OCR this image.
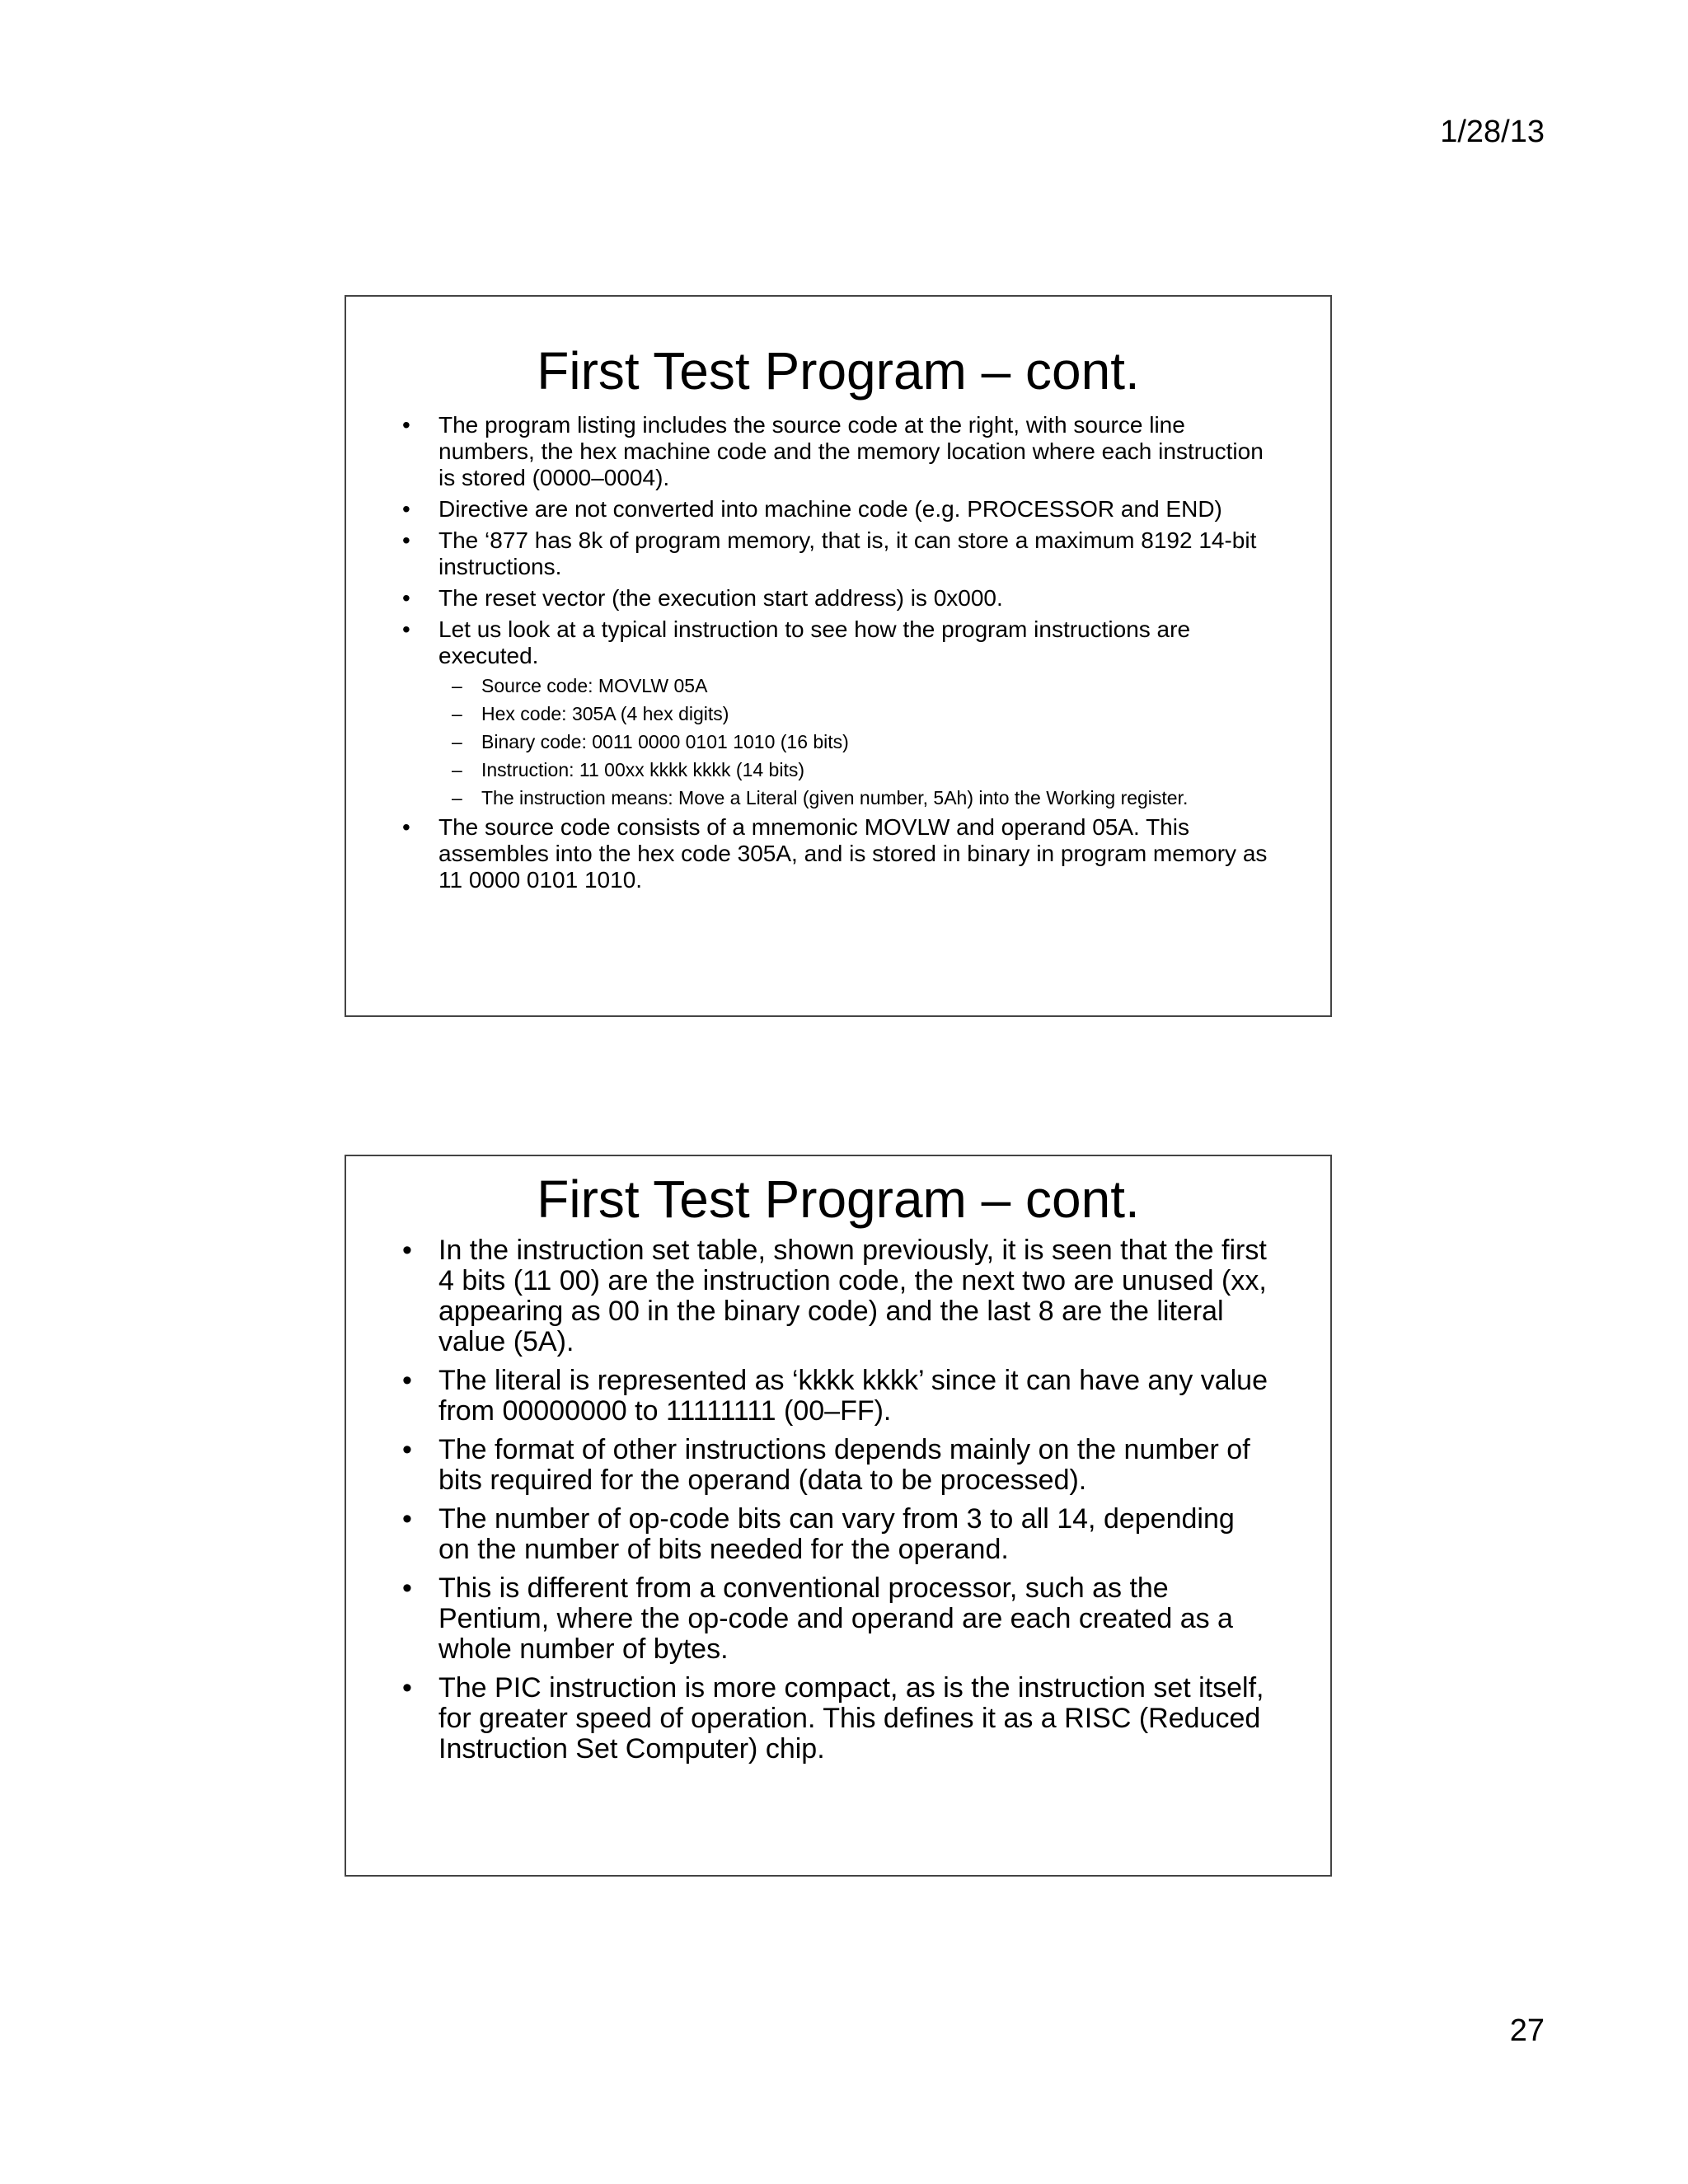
1/28/13
First Test Program – cont.
• The program listing includes the source code at the right, with source line numbers, the hex machine code and the memory location where each instruction is stored (0000–0004).
• Directive are not converted into machine code (e.g. PROCESSOR and END)
• The ‘877 has 8k of program memory, that is, it can store a maximum 8192 14-bit instructions.
• The reset vector (the execution start address) is 0x000.
• Let us look at a typical instruction to see how the program instructions are executed.
– Source code: MOVLW 05A
– Hex code: 305A (4 hex digits)
– Binary code: 0011 0000 0101 1010 (16 bits)
– Instruction: 11 00xx kkkk kkkk (14 bits)
– The instruction means: Move a Literal (given number, 5Ah) into the Working register.
• The source code consists of a mnemonic MOVLW and operand 05A. This assembles into the hex code 305A, and is stored in binary in program memory as 11 0000 0101 1010.
First Test Program – cont.
• In the instruction set table, shown previously, it is seen that the first 4 bits (11 00) are the instruction code, the next two are unused (xx, appearing as 00 in the binary code) and the last 8 are the literal value (5A).
• The literal is represented as ‘kkkk kkkk’ since it can have any value from 00000000 to 11111111 (00–FF).
• The format of other instructions depends mainly on the number of bits required for the operand (data to be processed).
• The number of op-code bits can vary from 3 to all 14, depending on the number of bits needed for the operand.
• This is different from a conventional processor, such as the Pentium, where the op-code and operand are each created as a whole number of bytes.
• The PIC instruction is more compact, as is the instruction set itself, for greater speed of operation. This defines it as a RISC (Reduced Instruction Set Computer) chip.
27
